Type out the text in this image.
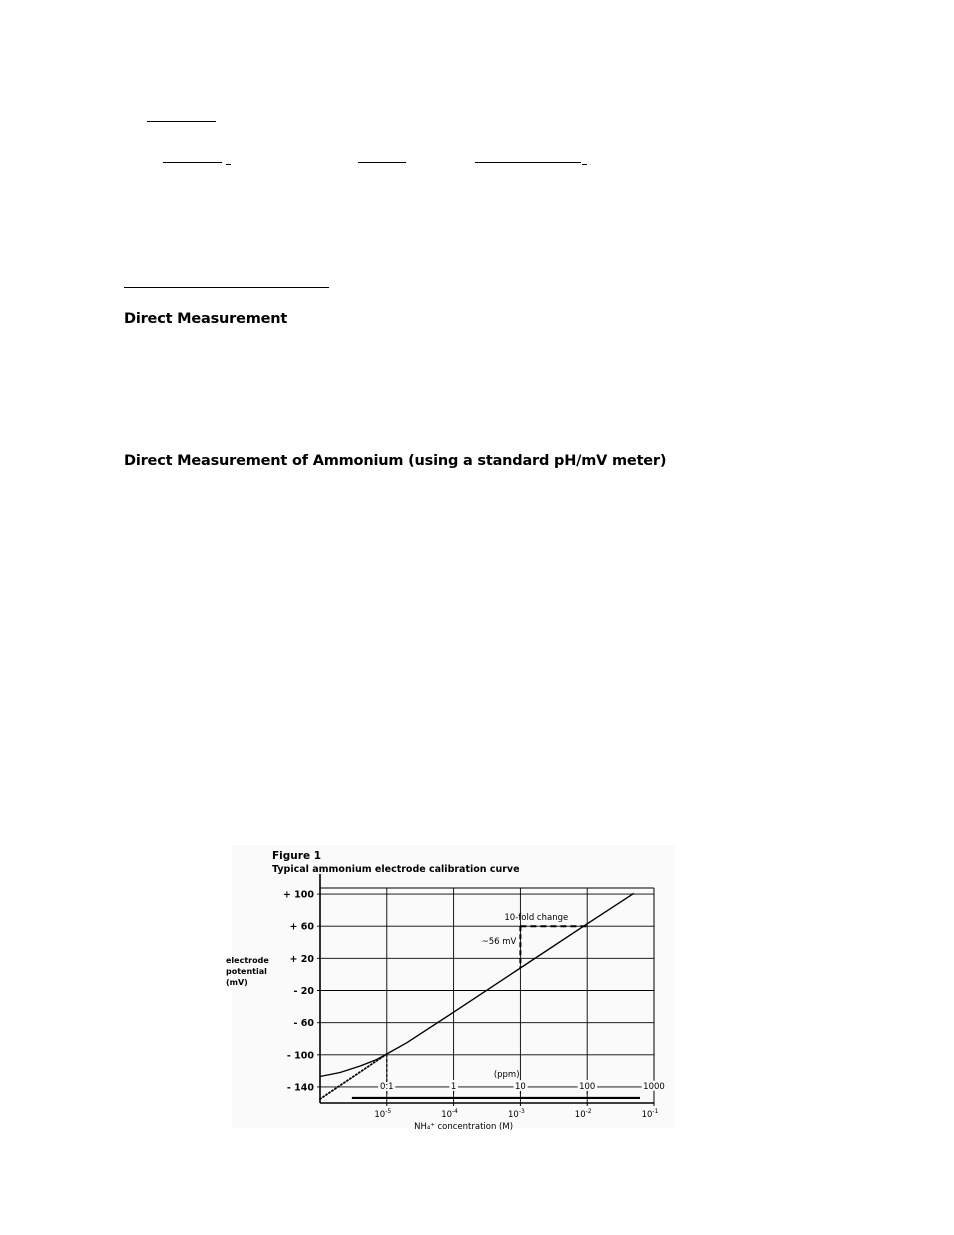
Direct Measurement
Direct Measurement of Ammonium (using a standard pH/mV meter)
Figure 1
Typical ammonium electrode calibration curve
0.1	1	10	100	1000
(ppm)
10-fold change
~56 mV
+ 100
+ 60
+ 20
- 20
- 60
- 100
- 140
$10^{-5}$	$10^{-4}$	$10^{-3}$	$10^{-2}$	$10^{-1}$
electrode
potential
(mV)
NH₄⁺ concentration (M)
